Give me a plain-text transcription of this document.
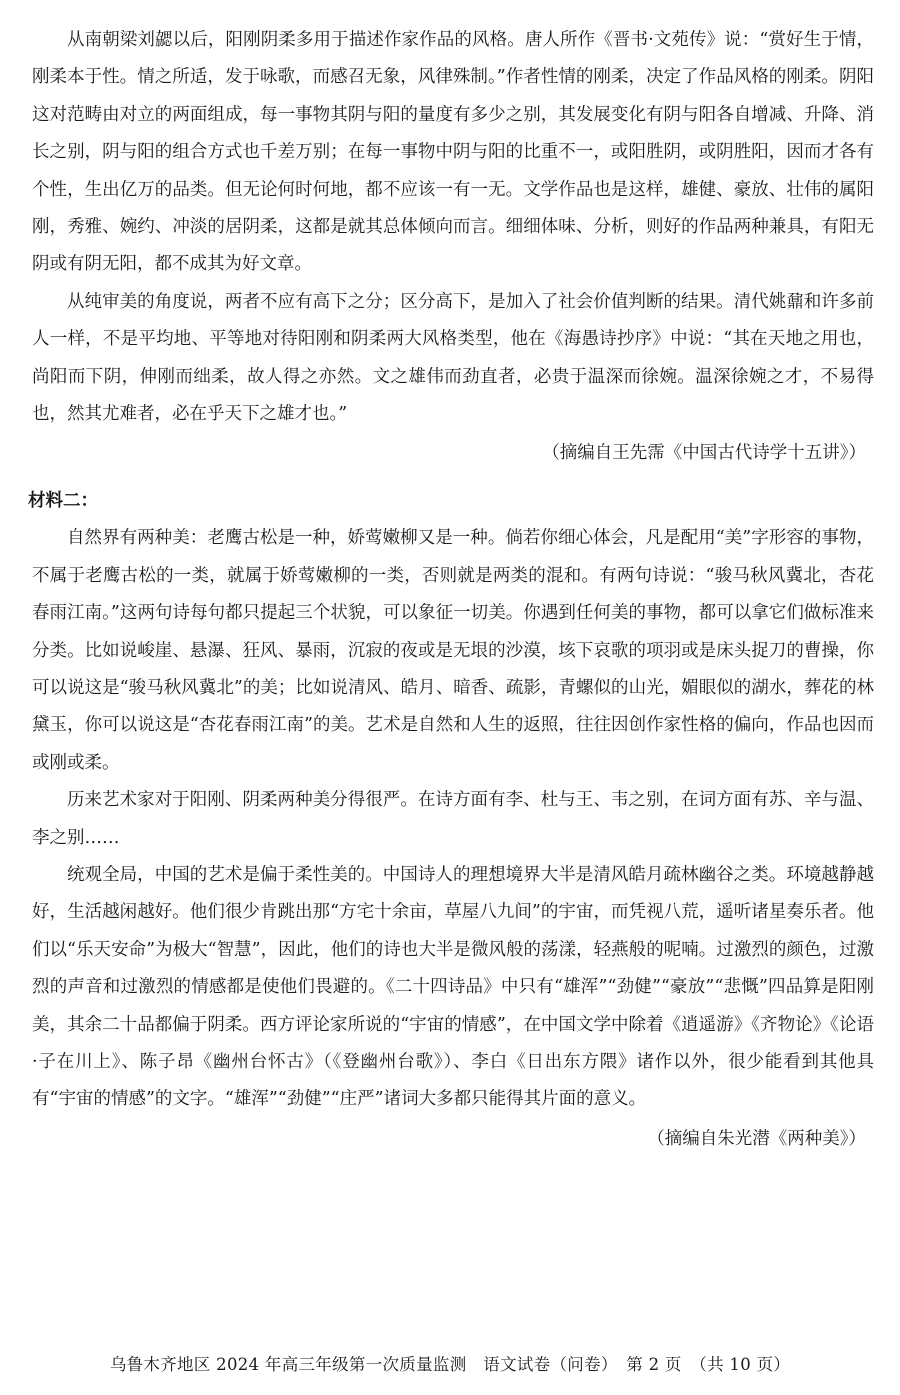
从南朝梁刘勰以后，阳刚阴柔多用于描述作家作品的风格。唐人所作《晋书·文苑传》说：“赏好生于情，刚柔本于性。情之所适，发于咏歌，而感召无象，风律殊制。”作者性情的刚柔，决定了作品风格的刚柔。阴阳这对范畴由对立的两面组成，每一事物其阴与阳的量度有多少之别，其发展变化有阴与阳各自增减、升降、消长之别，阴与阳的组合方式也千差万别；在每一事物中阴与阳的比重不一，或阳胜阴，或阴胜阳，因而才各有个性，生出亿万的品类。但无论何时何地，都不应该一有一无。文学作品也是这样，雄健、豪放、壮伟的属阳刚，秀雅、婉约、冲淡的居阴柔，这都是就其总体倾向而言。细细体味、分析，则好的作品两种兼具，有阳无阴或有阴无阳，都不成其为好文章。

从纯审美的角度说，两者不应有高下之分；区分高下，是加入了社会价值判断的结果。清代姚鼐和许多前人一样，不是平均地、平等地对待阳刚和阴柔两大风格类型，他在《海愚诗抄序》中说：“其在天地之用也，尚阳而下阴，伸刚而绌柔，故人得之亦然。文之雄伟而劲直者，必贵于温深而徐婉。温深徐婉之才，不易得也，然其尤难者，必在乎天下之雄才也。”

（摘编自王先霈《中国古代诗学十五讲》）

材料二：

自然界有两种美：老鹰古松是一种，娇莺嫩柳又是一种。倘若你细心体会，凡是配用“美”字形容的事物，不属于老鹰古松的一类，就属于娇莺嫩柳的一类，否则就是两类的混和。有两句诗说：“骏马秋风冀北，杏花春雨江南。”这两句诗每句都只提起三个状貌，可以象征一切美。你遇到任何美的事物，都可以拿它们做标准来分类。比如说峻崖、悬瀑、狂风、暴雨，沉寂的夜或是无垠的沙漠，垓下哀歌的项羽或是床头捉刀的曹操，你可以说这是“骏马秋风冀北”的美；比如说清风、皓月、暗香、疏影，青螺似的山光，媚眼似的湖水，葬花的林黛玉，你可以说这是“杏花春雨江南”的美。艺术是自然和人生的返照，往往因创作家性格的偏向，作品也因而或刚或柔。

历来艺术家对于阳刚、阴柔两种美分得很严。在诗方面有李、杜与王、韦之别，在词方面有苏、辛与温、李之别……

统观全局，中国的艺术是偏于柔性美的。中国诗人的理想境界大半是清风皓月疏林幽谷之类。环境越静越好，生活越闲越好。他们很少肯跳出那“方宅十余亩，草屋八九间”的宇宙，而凭视八荒，遥听诸星奏乐者。他们以“乐天安命”为极大“智慧”，因此，他们的诗也大半是微风般的荡漾，轻燕般的呢喃。过激烈的颜色，过激烈的声音和过激烈的情感都是使他们畏避的。《二十四诗品》中只有“雄浑”“劲健”“豪放”“悲慨”四品算是阳刚美，其余二十品都偏于阴柔。西方评论家所说的“宇宙的情感”，在中国文学中除着《逍遥游》《齐物论》《论语·子在川上》、陈子昂《幽州台怀古》（《登幽州台歌》）、李白《日出东方隈》诸作以外，很少能看到其他具有“宇宙的情感”的文字。“雄浑”“劲健”“庄严”诸词大多都只能得其片面的意义。

（摘编自朱光潜《两种美》）

乌鲁木齐地区 2024 年高三年级第一次质量监测　语文试卷（问卷）　第 2 页　（共 10 页）
